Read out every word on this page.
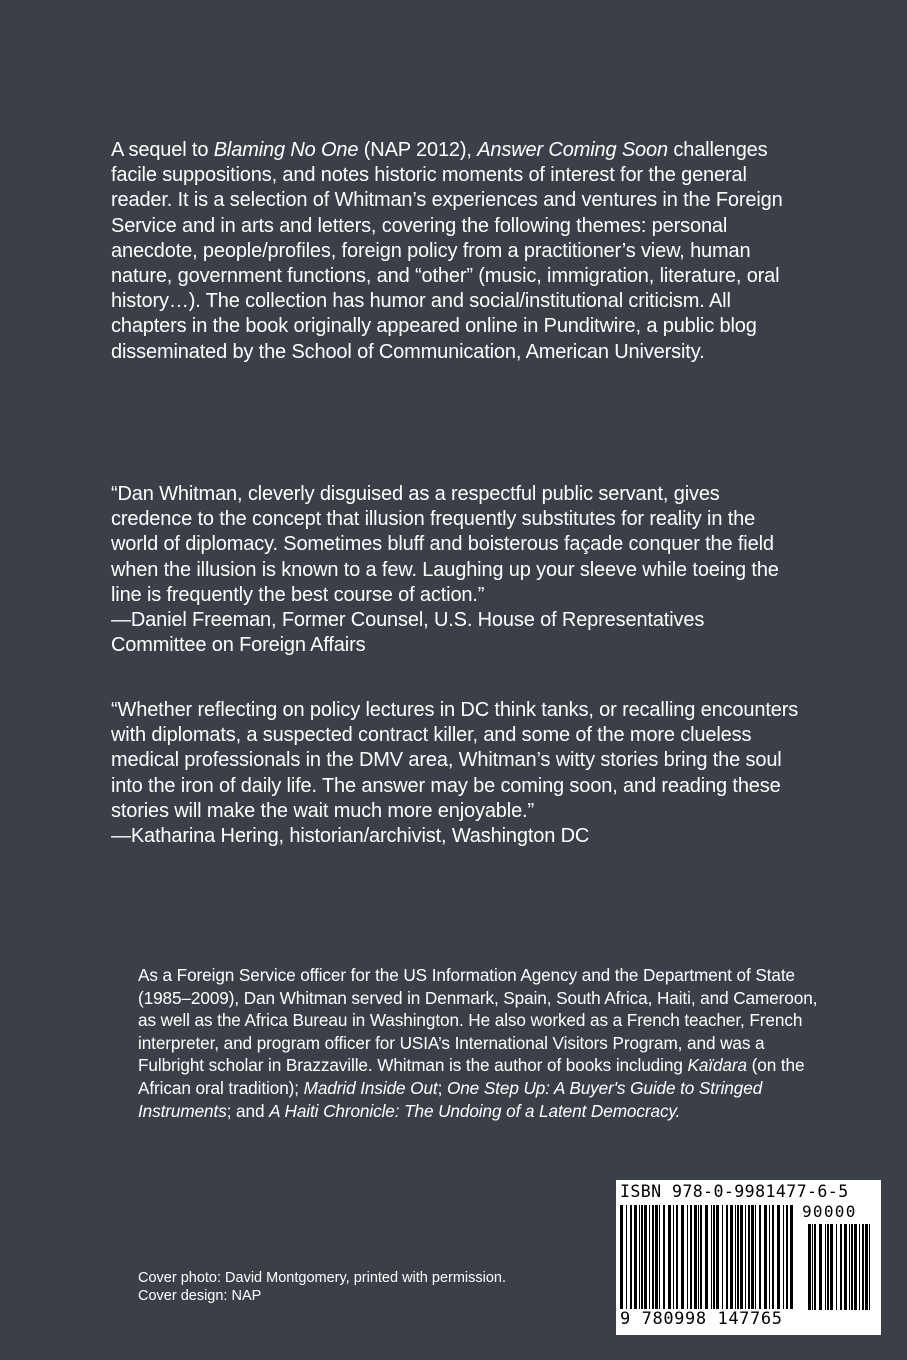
A sequel to Blaming No One (NAP 2012), Answer Coming Soon challenges facile suppositions, and notes historic moments of interest for the general reader. It is a selection of Whitman’s experiences and ventures in the Foreign Service and in arts and letters, covering the following themes: personal anecdote, people/profiles, foreign policy from a practitioner’s view, human nature, government functions, and “other” (music, immigration, literature, oral history…). The collection has humor and social/institutional criticism. All chapters in the book originally appeared online in Punditwire, a public blog disseminated by the School of Communication, American University.

“Dan Whitman, cleverly disguised as a respectful public servant, gives credence to the concept that illusion frequently substitutes for reality in the world of diplomacy. Sometimes bluff and boisterous façade conquer the field when the illusion is known to a few. Laughing up your sleeve while toeing the line is frequently the best course of action.”
—Daniel Freeman, Former Counsel, U.S. House of Representatives Committee on Foreign Affairs

“Whether reflecting on policy lectures in DC think tanks, or recalling encounters with diplomats, a suspected contract killer, and some of the more clueless medical professionals in the DMV area, Whitman’s witty stories bring the soul into the iron of daily life. The answer may be coming soon, and reading these stories will make the wait much more enjoyable.”
—Katharina Hering, historian/archivist, Washington DC

As a Foreign Service officer for the US Information Agency and the Department of State (1985–2009), Dan Whitman served in Denmark, Spain, South Africa, Haiti, and Cameroon, as well as the Africa Bureau in Washington. He also worked as a French teacher, French interpreter, and program officer for USIA’s International Visitors Program, and was a Fulbright scholar in Brazzaville. Whitman is the author of books including Kaïdara (on the African oral tradition); Madrid Inside Out; One Step Up: A Buyer's Guide to Stringed Instruments; and A Haiti Chronicle: The Undoing of a Latent Democracy.

Cover photo: David Montgomery, printed with permission.
Cover design: NAP
ISBN 978-0-9981477-6-5
90000
9 780998 147765
